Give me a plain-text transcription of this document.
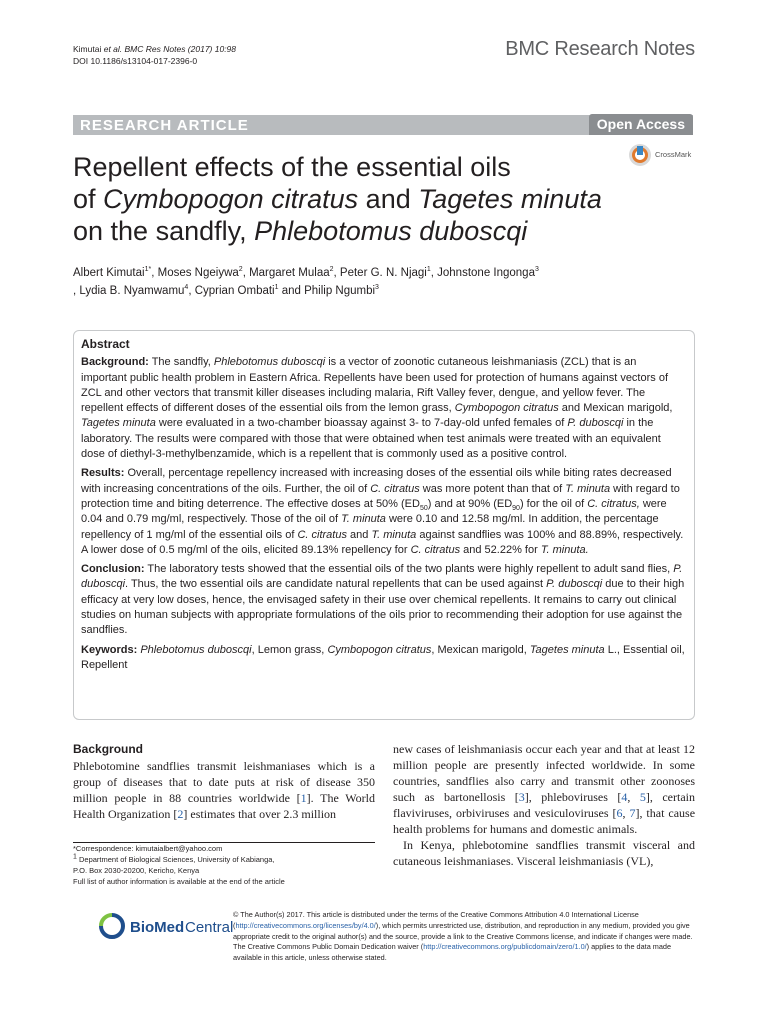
Kimutai et al. BMC Res Notes (2017) 10:98
DOI 10.1186/s13104-017-2396-0
BMC Research Notes
RESEARCH ARTICLE	Open Access
CrossMark
Repellent effects of the essential oils
of Cymbopogon citratus and Tagetes minuta
on the sandfly, Phlebotomus duboscqi
Albert Kimutai$^{1*}$, Moses Ngeiywa$^2$, Margaret Mulaa$^2$, Peter G. N. Njagi$^1$, Johnstone Ingonga$^3$
, Lydia B. Nyamwamu$^4$, Cyprian Ombati$^1$ and Philip Ngumbi$^3$
Abstract

Background: The sandfly, Phlebotomus duboscqi is a vector of zoonotic cutaneous leishmaniasis (ZCL) that is an important public health problem in Eastern Africa. Repellents have been used for protection of humans against vectors of ZCL and other vectors that transmit killer diseases including malaria, Rift Valley fever, dengue, and yellow fever. The repellent effects of different doses of the essential oils from the lemon grass, Cymbopogon citratus and Mexican marigold, Tagetes minuta were evaluated in a two-chamber bioassay against 3- to 7-day-old unfed females of P. duboscqi in the laboratory. The results were compared with those that were obtained when test animals were treated with an equivalent dose of diethyl-3-methylbenzamide, which is a repellent that is commonly used as a positive control.

Results: Overall, percentage repellency increased with increasing doses of the essential oils while biting rates decreased with increasing concentrations of the oils. Further, the oil of C. citratus was more potent than that of T. minuta with regard to protection time and biting deterrence. The effective doses at 50% $(ED_{50})$ and at 90% $(ED_{90})$ for the oil of C. citratus, were 0.04 and 0.79 mg/ml, respectively. Those of the oil of T. minuta were 0.10 and 12.58 mg/ml. In addition, the percentage repellency of 1 mg/ml of the essential oils of C. citratus and T. minuta against sandflies was 100% and 88.89%, respectively. A lower dose of 0.5 mg/ml of the oils, elicited 89.13% repellency for C. citratus and 52.22% for T. minuta.

Conclusion: The laboratory tests showed that the essential oils of the two plants were highly repellent to adult sand flies, P. duboscqi. Thus, the two essential oils are candidate natural repellents that can be used against P. duboscqi due to their high efficacy at very low doses, hence, the envisaged safety in their use over chemical repellents. It remains to carry out clinical studies on human subjects with appropriate formulations of the oils prior to recommending their adoption for use against the sandflies.

Keywords: Phlebotomus duboscqi, Lemon grass, Cymbopogon citratus, Mexican marigold, Tagetes minuta L., Essential oil, Repellent

Background
Phlebotomine sandflies transmit leishmaniases which is a group of diseases that to date puts at risk of disease 350 million people in 88 countries worldwide [1]. The World Health Organization [2] estimates that over 2.3 million
new cases of leishmaniasis occur each year and that at least 12 million people are presently infected worldwide. In some countries, sandflies also carry and transmit other zoonoses such as bartonellosis [3], phleboviruses [4, 5], certain flaviviruses, orbiviruses and vesiculoviruses [6, 7], that cause health problems for humans and domestic animals.
In Kenya, phlebotomine sandflies transmit visceral and cutaneous leishmaniases. Visceral leishmaniasis (VL),
*Correspondence: kimutaialbert@yahoo.com
$^1$ Department of Biological Sciences, University of Kabianga,
P.O. Box 2030-20200, Kericho, Kenya
Full list of author information is available at the end of the article
BioMed Central
© The Author(s) 2017. This article is distributed under the terms of the Creative Commons Attribution 4.0 International License (http://creativecommons.org/licenses/by/4.0/), which permits unrestricted use, distribution, and reproduction in any medium, provided you give appropriate credit to the original author(s) and the source, provide a link to the Creative Commons license, and indicate if changes were made. The Creative Commons Public Domain Dedication waiver (http://creativecommons.org/publicdomain/zero/1.0/) applies to the data made available in this article, unless otherwise stated.
